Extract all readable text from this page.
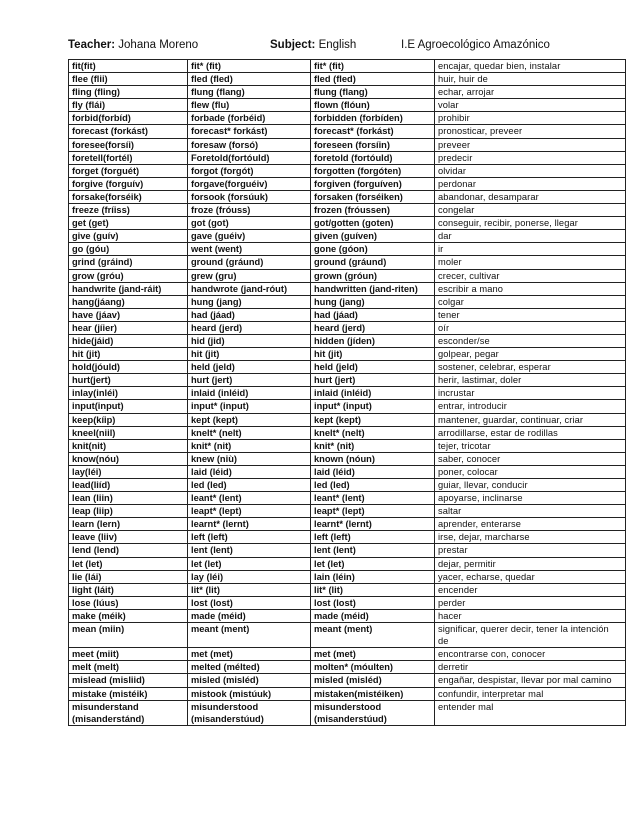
Teacher: Johana Moreno	Subject: English	I.E Agroecológico Amazónico
fit(fit)	fit* (fit)	fit* (fit)	encajar, quedar bien, instalar
flee (flii)	fled (fled)	fled (fled)	huir, huir de
fling (fling)	flung (flang)	flung (flang)	echar, arrojar
fly (flái)	flew (flu)	flown (flóun)	volar
forbid(forbíd)	forbade (forbéid)	forbidden (forbíden)	prohibir
forecast (forkást)	forecast* forkást)	forecast* (forkást)	pronosticar, preveer
foresee(forsíi)	foresaw (forsó)	foreseen (forsíin)	preveer
foretell(fortél)	Foretold(fortóuld)	foretold (fortóuld)	predecir
forget (forguét)	forgot (forgót)	forgotten (forgóten)	olvidar
forgive (forguív)	forgave(forguéiv)	forgiven (forguíven)	perdonar
forsake(forséik)	forsook (forsúuk)	forsaken (forséiken)	abandonar, desamparar
freeze (fríiss)	froze (fróuss)	frozen (fróussen)	congelar
get (get)	got (got)	got/gotten (goten)	conseguir, recibir, ponerse, llegar
give (guív)	gave (guéiv)	given (guíven)	dar
go (góu)	went (went)	gone (góon)	ir
grind (gráind)	ground (gráund)	ground (gráund)	moler
grow (gróu)	grew (gru)	grown (gróun)	crecer, cultivar
handwrite (jand-ráit)	handwrote (jand-róut)	handwritten (jand-riten)	escribir a mano
hang(jáang)	hung (jang)	hung (jang)	colgar
have (jáav)	had (jáad)	had (jáad)	tener
hear (jíier)	heard (jerd)	heard (jerd)	oír
hide(jáid)	hid (jid)	hidden (jíden)	esconder/se
hit (jit)	hit (jit)	hit (jit)	golpear, pegar
hold(jóuld)	held (jeld)	held (jeld)	sostener, celebrar, esperar
hurt(jert)	hurt (jert)	hurt (jert)	herir, lastimar, doler
inlay(inléi)	inlaid (inléid)	inlaid (inléid)	incrustar
input(input)	input* (input)	input* (input)	entrar, introducir
keep(kíip)	kept (kept)	kept (kept)	mantener, guardar, continuar, criar
kneel(niil)	knelt* (nelt)	knelt* (nelt)	arrodillarse, estar de rodillas
knit(nit)	knit* (nit)	knit* (nit)	tejer, tricotar
know(nóu)	knew (niù)	known (nóun)	saber, conocer
lay(léi)	laid (léid)	laid (léid)	poner, colocar
lead(liíd)	led (led)	led (led)	guiar, llevar, conducir
lean (liin)	leant* (lent)	leant* (lent)	apoyarse, inclinarse
leap (liip)	leapt* (lept)	leapt* (lept)	saltar
learn (lern)	learnt* (lernt)	learnt* (lernt)	aprender, enterarse
leave (liiv)	left (left)	left (left)	irse, dejar, marcharse
lend (lend)	lent (lent)	lent (lent)	prestar
let (let)	let (let)	let (let)	dejar, permitir
lie (lái)	lay (léi)	lain (léin)	yacer, echarse, quedar
light (láit)	lit* (lit)	lit* (lit)	encender
lose (lúus)	lost (lost)	lost (lost)	perder
make (méik)	made (méid)	made (méid)	hacer
mean (miin)	meant (ment)	meant (ment)	significar, querer decir, tener la intención de
meet (miit)	met (met)	met (met)	encontrarse con, conocer
melt (melt)	melted (mélted)	molten* (móulten)	derretir
mislead (misliid)	misled (misléd)	misled (misléd)	engañar, despistar, llevar por mal camino
mistake (mistéik)	mistook (mistúuk)	mistaken(mistéiken)	confundir, interpretar mal
misunderstand (misanderstánd)	misunderstood (misanderstúud)	misunderstood (misanderstúud)	entender mal
